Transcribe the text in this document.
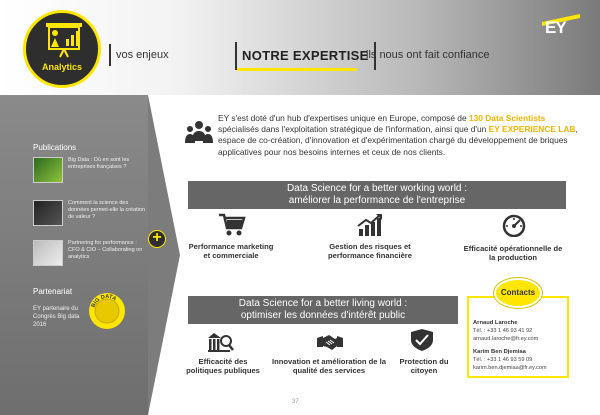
Analytics
vos enjeux	NOTRE EXPERTISE
ils nous ont fait confiance
EY
Publications
Big Data : Où en sont les entreprises françaises ?
Comment la science des données permet-elle la création de valeur ?
Partnering for performance : CFO & CIO – Collaborating on analytics
+
Partenariat
EY partenaire du Congrès Big data 2016
BIG DATA
EY s'est doté d'un hub d'expertises unique en Europe, composé de 130 Data Scientists spécialisés dans l'exploitation stratégique de l'information, ainsi que d'un EY EXPERIENCE LAB, espace de co-création, d'innovation et d'expérimentation chargé du développement de briques applicatives pour nos besoins internes et ceux de nos clients.
Data Science for a better working world :
améliorer la performance de l'entreprise
Performance marketing et commerciale
Gestion des risques et performance financière
Efficacité opérationnelle de la production
Data Science for a better living world :
optimiser les données d'intérêt public
Efficacité des politiques publiques
Innovation et amélioration de la qualité des services
Protection du citoyen
Contacts
Arnaud Laroche
Tél. : +33 1 46 93 41 92
arnaud.laroche@fr.ey.com
Karim Ben Djemiaa
Tél. : +33 1 46 93 59 09
karim.ben.djemiaa@fr.ey.com
37
